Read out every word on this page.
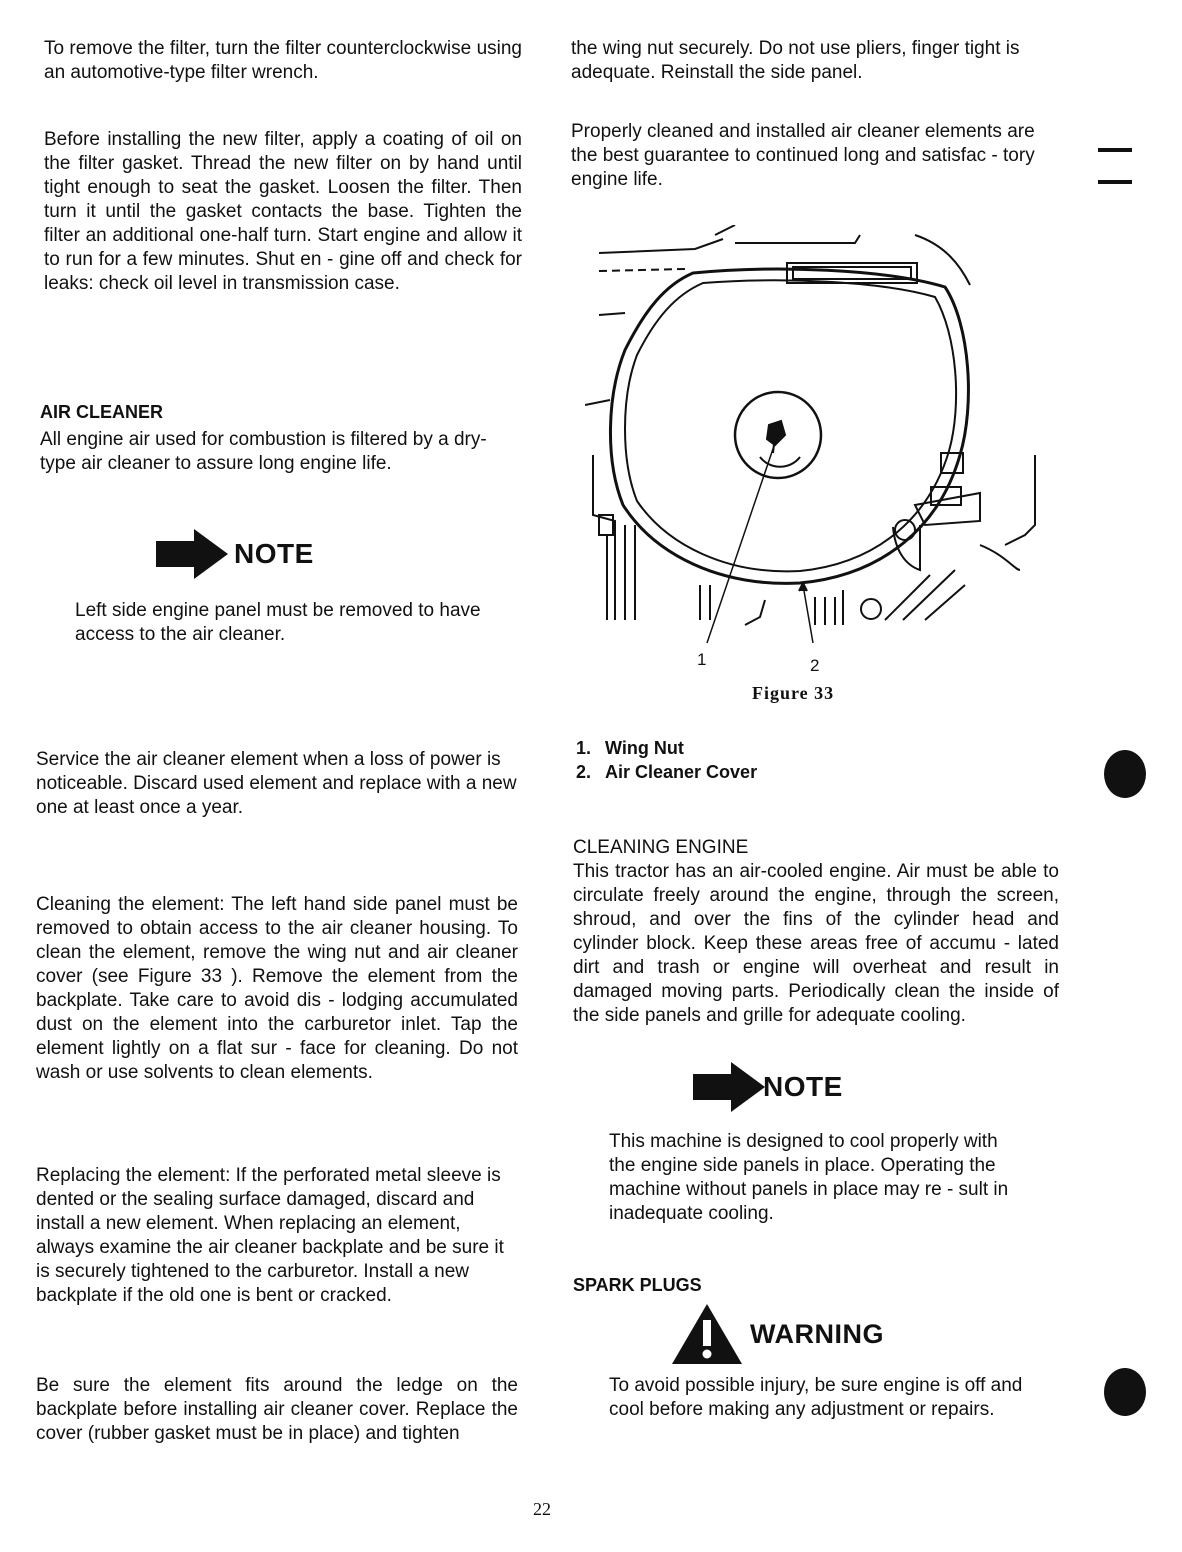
To remove the filter, turn the filter counterclockwise using an automotive-type filter wrench.

Before installing the new filter, apply a coating of oil on the filter gasket. Thread the new filter on by hand until tight enough to seat the gasket. Loosen the filter. Then turn it until the gasket contacts the base. Tighten the filter an additional one-half turn. Start engine and allow it to run for a few minutes. Shut en - gine off and check for leaks: check oil level in transmission case.

AIR CLEANER

All engine air used for combustion is filtered by a dry-type air cleaner to assure long engine life.

NOTE

Left side engine panel must be removed to have access to the air cleaner.

Service the air cleaner element when a loss of power is noticeable. Discard used element and replace with a new one at least once a year.

Cleaning the element: The left hand side panel must be removed to obtain access to the air cleaner housing. To clean the element, remove the wing nut and air cleaner cover (see Figure 33 ). Remove the element from the backplate. Take care to avoid dis - lodging accumulated dust on the element into the carburetor inlet. Tap the element lightly on a flat sur - face for cleaning. Do not wash or use solvents to clean elements.

Replacing the element: If the perforated metal sleeve is dented or the sealing surface damaged, discard and install a new element. When replacing an element, always examine the air cleaner backplate and be sure it is securely tightened to the carburetor. Install a new backplate if the old one is bent or cracked.

Be sure the element fits around the ledge on the backplate before installing air cleaner cover. Replace the cover (rubber gasket must be in place) and tighten

the wing nut securely. Do not use pliers, finger tight is adequate. Reinstall the side panel.

Properly cleaned and installed air cleaner elements are the best guarantee to continued long and satisfac - tory engine life.

1	2
Figure 33
1. Wing Nut
2. Air Cleaner Cover
CLEANING ENGINE

This tractor has an air-cooled engine. Air must be able to circulate freely around the engine, through the screen, shroud, and over the fins of the cylinder head and cylinder block. Keep these areas free of accumu - lated dirt and trash or engine will overheat and result in damaged moving parts. Periodically clean the inside of the side panels and grille for adequate cooling.

NOTE

This machine is designed to cool properly with the engine side panels in place. Operating the machine without panels in place may re - sult in inadequate cooling.

SPARK PLUGS
WARNING

To avoid possible injury, be sure engine is off and cool before making any adjustment or repairs.

22
